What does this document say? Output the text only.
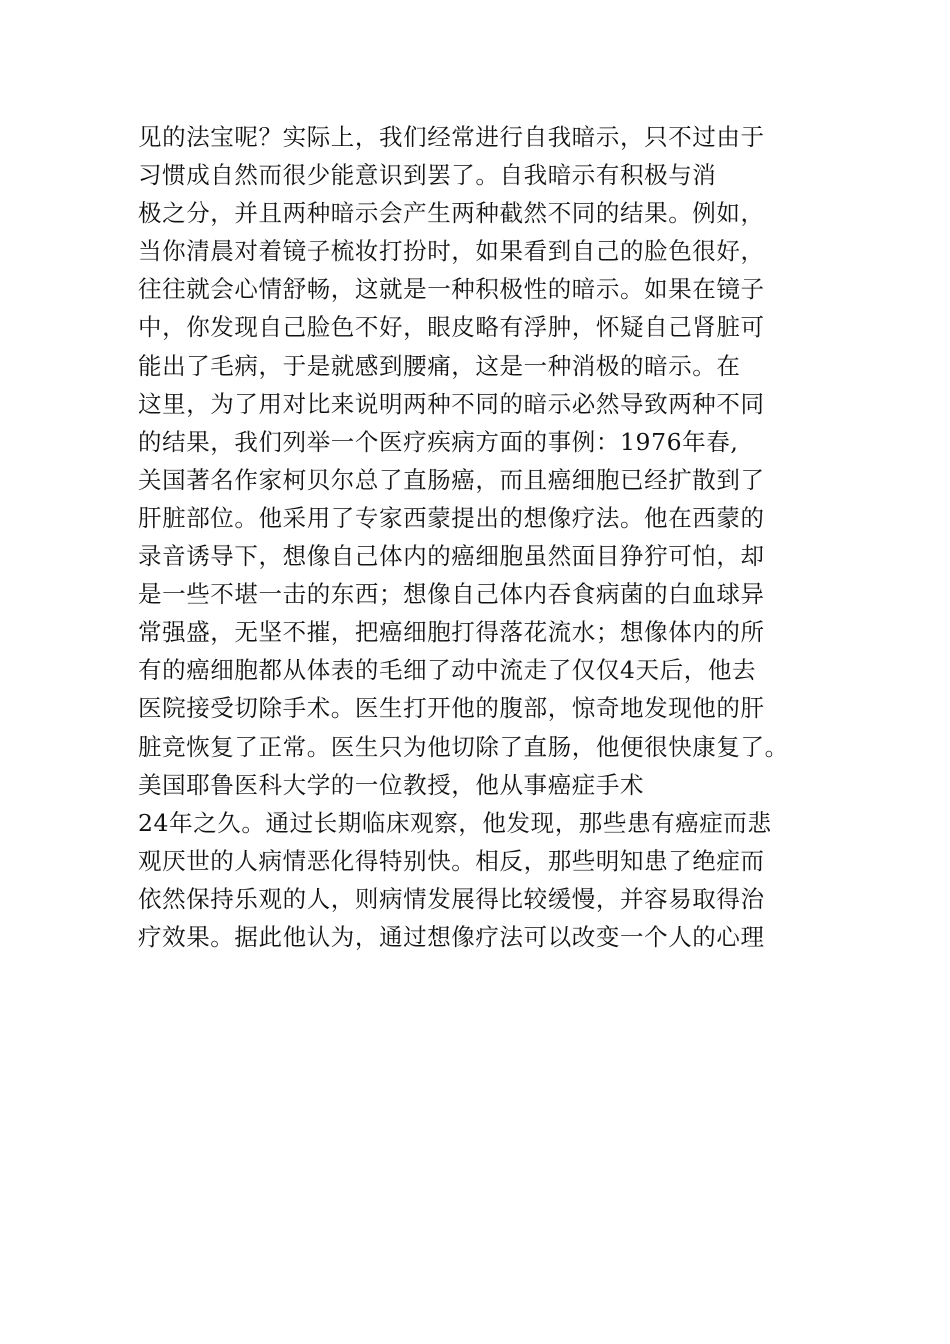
见的法宝呢？实际上，我们经常进行自我暗示，只不过由于
习惯成自然而很少能意识到罢了。自我暗示有积极与消
极之分，并且两种暗示会产生两种截然不同的结果。例如，
当你清晨对着镜子梳妆打扮时，如果看到自己的脸色很好，
往往就会心情舒畅，这就是一种积极性的暗示。如果在镜子
中，你发现自己脸色不好，眼皮略有浮肿，怀疑自己肾脏可
能出了毛病，于是就感到腰痛，这是一种消极的暗示。在
这里，为了用对比来说明两种不同的暗示必然导致两种不同
的结果，我们列举一个医疗疾病方面的事例：1976年春,
关国著名作家柯贝尔总了直肠癌，而且癌细胞已经扩散到了
肝脏部位。他采用了专家西蒙提出的想像疗法。他在西蒙的
录音诱导下，想像自己体内的癌细胞虽然面目狰狞可怕，却
是一些不堪一击的东西；想像自己体内吞食病菌的白血球异
常强盛，无坚不摧，把癌细胞打得落花流水；想像体内的所
有的癌细胞都从体表的毛细了动中流走了仅仅4天后，他去
医院接受切除手术。医生打开他的腹部，惊奇地发现他的肝
脏竞恢复了正常。医生只为他切除了直肠，他便很快康复了。
美国耶鲁医科大学的一位教授，他从事癌症手术
24年之久。通过长期临床观察，他发现，那些患有癌症而悲
观厌世的人病情恶化得特别快。相反，那些明知患了绝症而
依然保持乐观的人，则病情发展得比较缓慢，并容易取得治
疗效果。据此他认为，通过想像疗法可以改变一个人的心理
